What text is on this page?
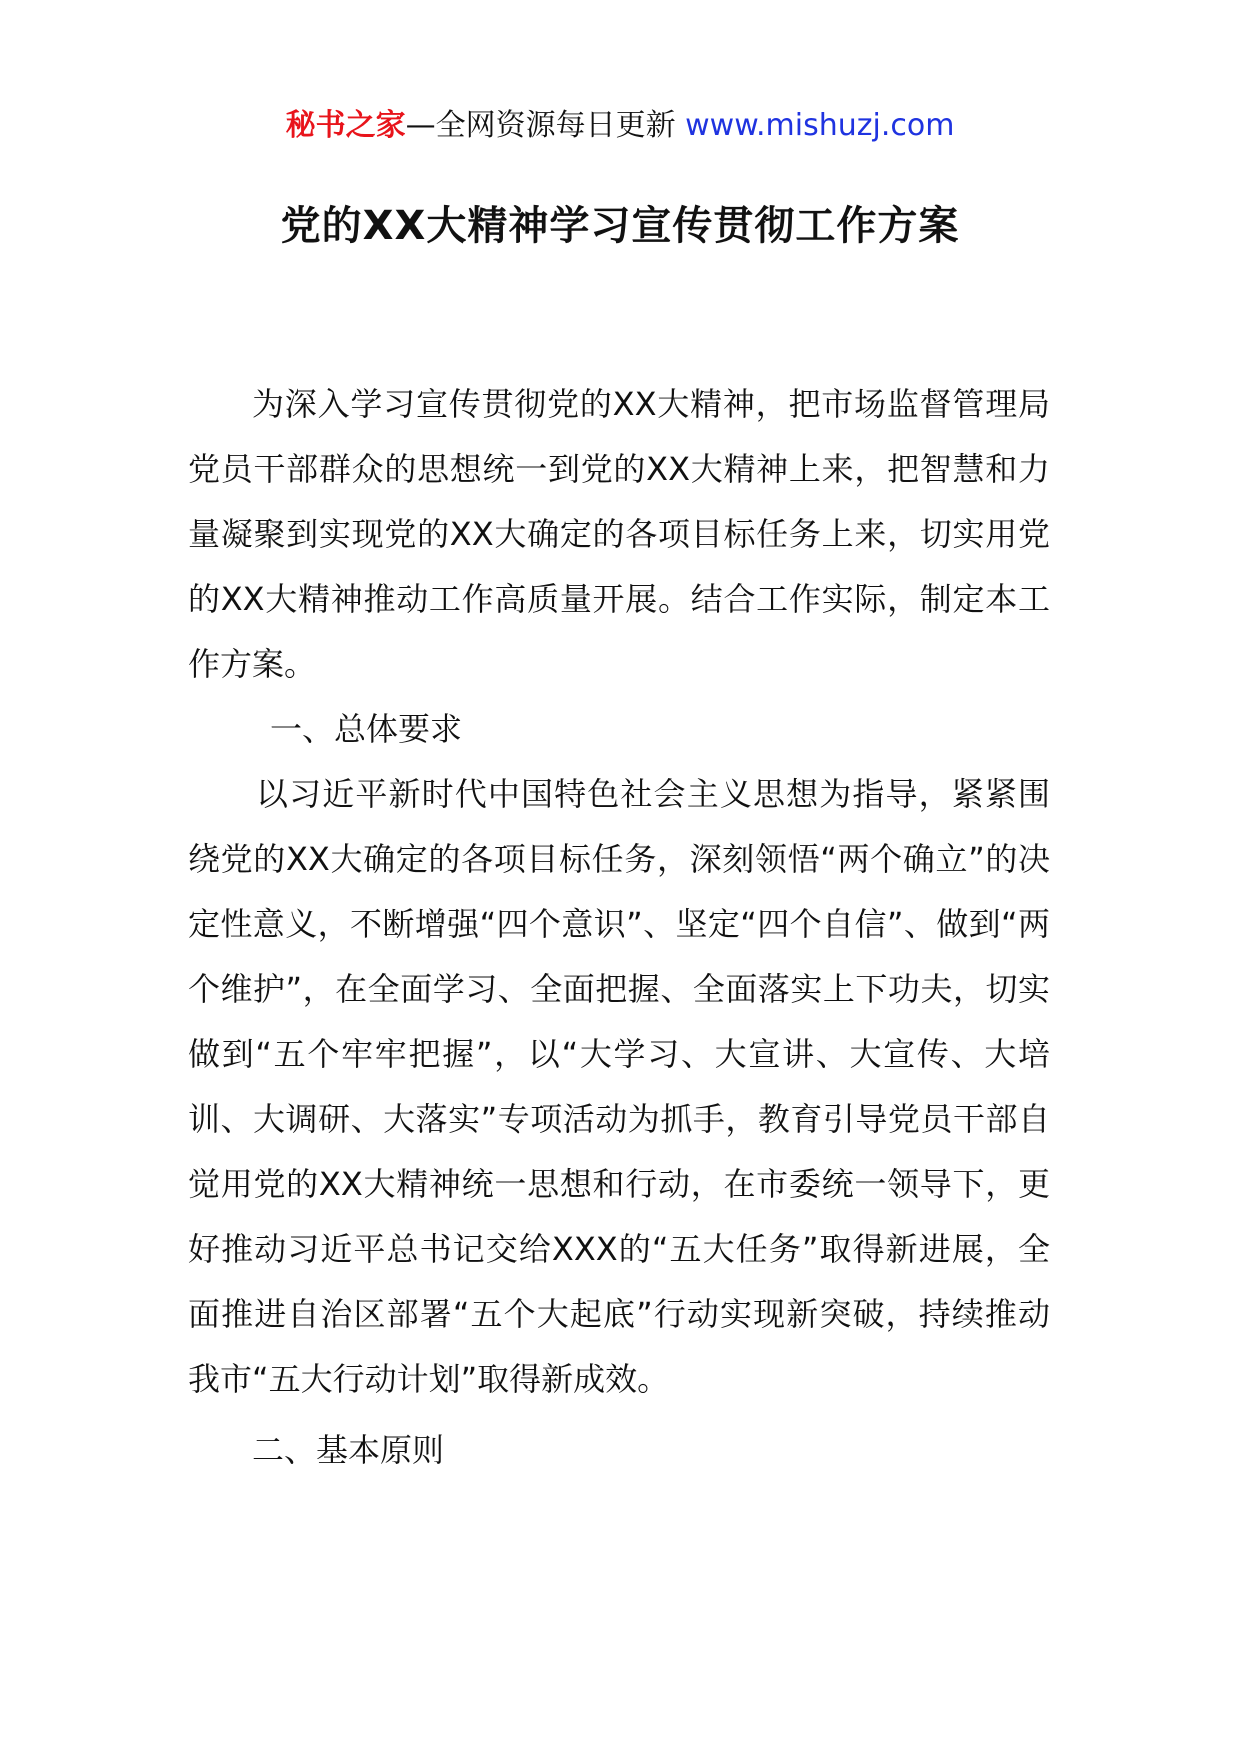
秘书之家—全网资源每日更新 www.mishuzj.com
党的XX大精神学习宣传贯彻工作方案

为深入学习宣传贯彻党的XX大精神，把市场监督管理局党员干部群众的思想统一到党的XX大精神上来，把智慧和力量凝聚到实现党的XX大确定的各项目标任务上来，切实用党的XX大精神推动工作高质量开展。结合工作实际，制定本工作方案。

一、总体要求

以习近平新时代中国特色社会主义思想为指导，紧紧围绕党的XX大确定的各项目标任务，深刻领悟“两个确立”的决定性意义，不断增强“四个意识”、坚定“四个自信”、做到“两个维护”，在全面学习、全面把握、全面落实上下功夫，切实做到“五个牢牢把握”，以“大学习、大宣讲、大宣传、大培训、大调研、大落实”专项活动为抓手，教育引导党员干部自觉用党的XX大精神统一思想和行动，在市委统一领导下，更好推动习近平总书记交给XXX的“五大任务”取得新进展，全面推进自治区部署“五个大起底”行动实现新突破，持续推动我市“五大行动计划”取得新成效。

二、基本原则
